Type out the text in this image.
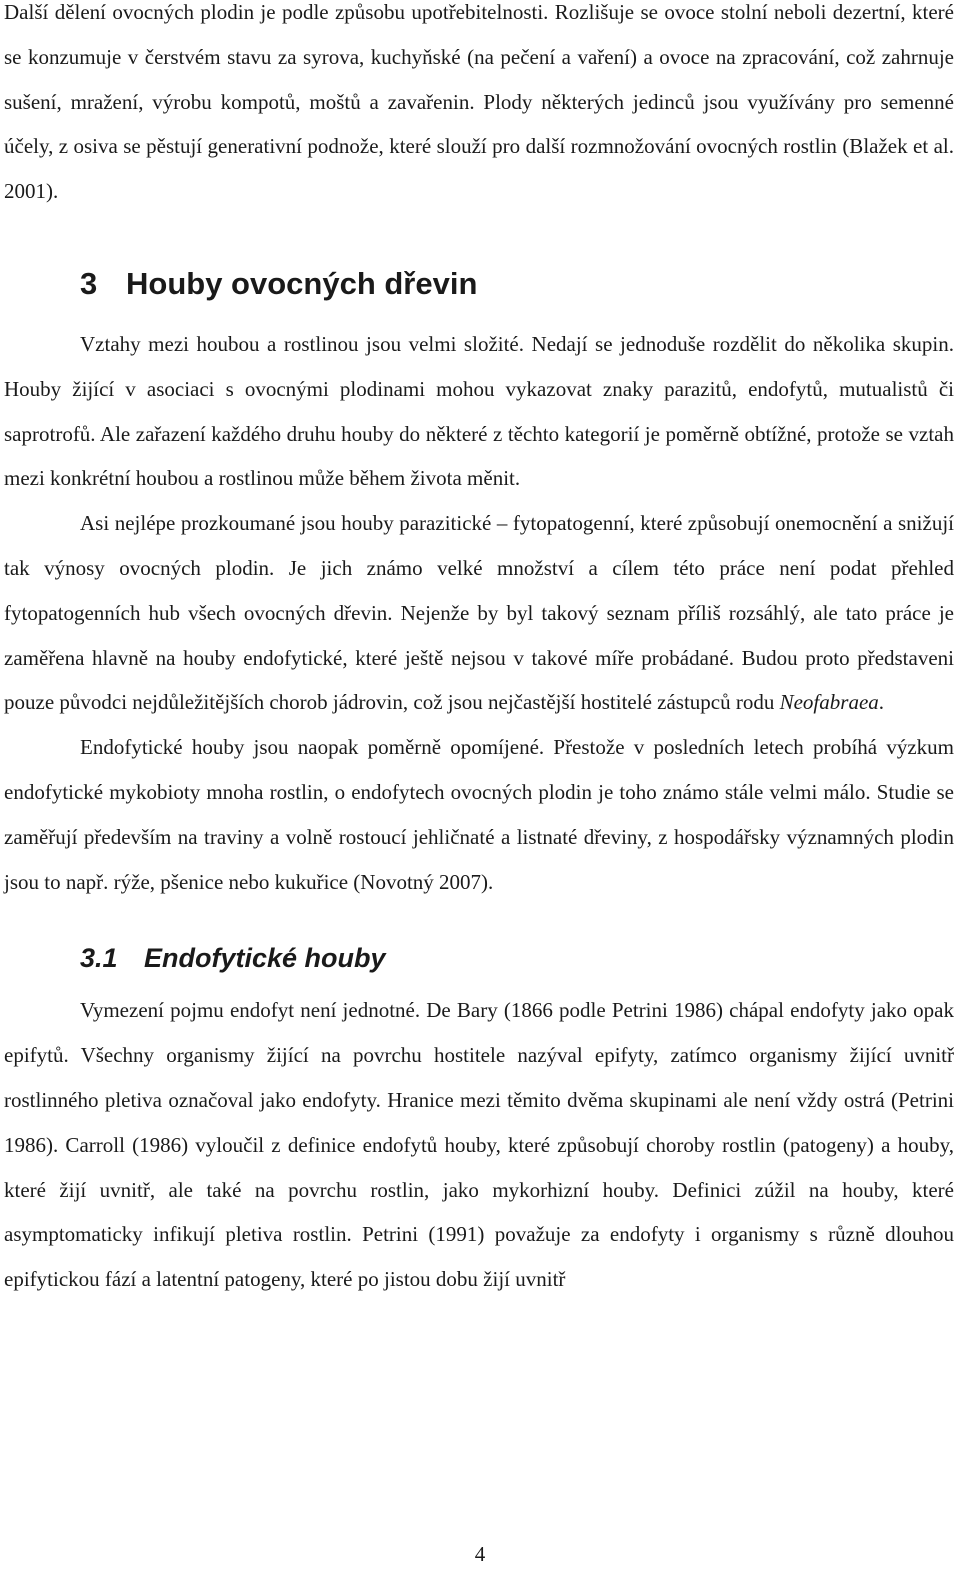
Další dělení ovocných plodin je podle způsobu upotřebitelnosti. Rozlišuje se ovoce stolní neboli dezertní, které se konzumuje v čerstvém stavu za syrova, kuchyňské (na pečení a vaření) a ovoce na zpracování, což zahrnuje sušení, mražení, výrobu kompotů, moštů a zavařenin. Plody některých jedinců jsou využívány pro semenné účely, z osiva se pěstují generativní podnože, které slouží pro další rozmnožování ovocných rostlin (Blažek et al. 2001).

3 Houby ovocných dřevin

Vztahy mezi houbou a rostlinou jsou velmi složité. Nedají se jednoduše rozdělit do několika skupin. Houby žijící v asociaci s ovocnými plodinami mohou vykazovat znaky parazitů, endofytů, mutualistů či saprotrofů. Ale zařazení každého druhu houby do některé z těchto kategorií je poměrně obtížné, protože se vztah mezi konkrétní houbou a rostlinou může během života měnit.

Asi nejlépe prozkoumané jsou houby parazitické – fytopatogenní, které způsobují onemocnění a snižují tak výnosy ovocných plodin. Je jich známo velké množství a cílem této práce není podat přehled fytopatogenních hub všech ovocných dřevin. Nejenže by byl takový seznam příliš rozsáhlý, ale tato práce je zaměřena hlavně na houby endofytické, které ještě nejsou v takové míře probádané. Budou proto představeni pouze původci nejdůležitějších chorob jádrovin, což jsou nejčastější hostitelé zástupců rodu Neofabraea.

Endofytické houby jsou naopak poměrně opomíjené. Přestože v posledních letech probíhá výzkum endofytické mykobioty mnoha rostlin, o endofytech ovocných plodin je toho známo stále velmi málo. Studie se zaměřují především na traviny a volně rostoucí jehličnaté a listnaté dřeviny, z hospodářsky významných plodin jsou to např. rýže, pšenice nebo kukuřice (Novotný 2007).

3.1 Endofytické houby

Vymezení pojmu endofyt není jednotné. De Bary (1866 podle Petrini 1986) chápal endofyty jako opak epifytů. Všechny organismy žijící na povrchu hostitele nazýval epifyty, zatímco organismy žijící uvnitř rostlinného pletiva označoval jako endofyty. Hranice mezi těmito dvěma skupinami ale není vždy ostrá (Petrini 1986). Carroll (1986) vyloučil z definice endofytů houby, které způsobují choroby rostlin (patogeny) a houby, které žijí uvnitř, ale také na povrchu rostlin, jako mykorhizní houby. Definici zúžil na houby, které asymptomaticky infikují pletiva rostlin. Petrini (1991) považuje za endofyty i organismy s různě dlouhou epifytickou fází a latentní patogeny, které po jistou dobu žijí uvnitř

4
